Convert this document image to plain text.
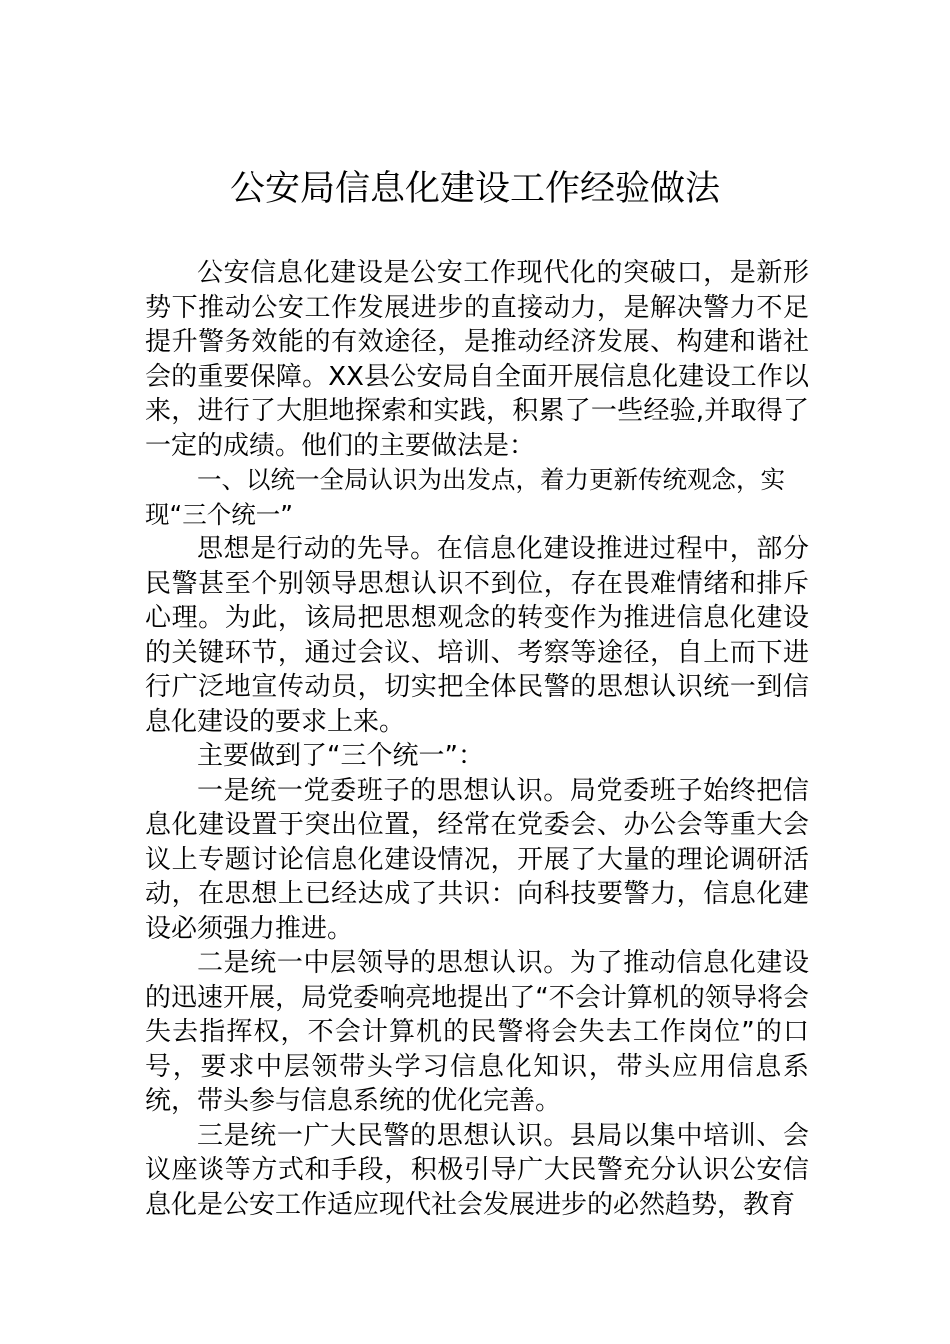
公安局信息化建设工作经验做法

公安信息化建设是公安工作现代化的突破口，是新形势下推动公安工作发展进步的直接动力，是解决警力不足提升警务效能的有效途径，是推动经济发展、构建和谐社会的重要保障。XX县公安局自全面开展信息化建设工作以来，进行了大胆地探索和实践，积累了一些经验,并取得了一定的成绩。他们的主要做法是：

一、以统一全局认识为出发点，着力更新传统观念，实现“三个统一”

思想是行动的先导。在信息化建设推进过程中，部分民警甚至个别领导思想认识不到位，存在畏难情绪和排斥心理。为此，该局把思想观念的转变作为推进信息化建设的关键环节，通过会议、培训、考察等途径，自上而下进行广泛地宣传动员，切实把全体民警的思想认识统一到信息化建设的要求上来。

主要做到了“三个统一”：

一是统一党委班子的思想认识。局党委班子始终把信息化建设置于突出位置，经常在党委会、办公会等重大会议上专题讨论信息化建设情况，开展了大量的理论调研活动，在思想上已经达成了共识：向科技要警力，信息化建设必须强力推进。

二是统一中层领导的思想认识。为了推动信息化建设的迅速开展，局党委响亮地提出了“不会计算机的领导将会失去指挥权，不会计算机的民警将会失去工作岗位”的口号，要求中层领带头学习信息化知识，带头应用信息系统，带头参与信息系统的优化完善。

三是统一广大民警的思想认识。县局以集中培训、会议座谈等方式和手段，积极引导广大民警充分认识公安信息化是公安工作适应现代社会发展进步的必然趋势，教育
